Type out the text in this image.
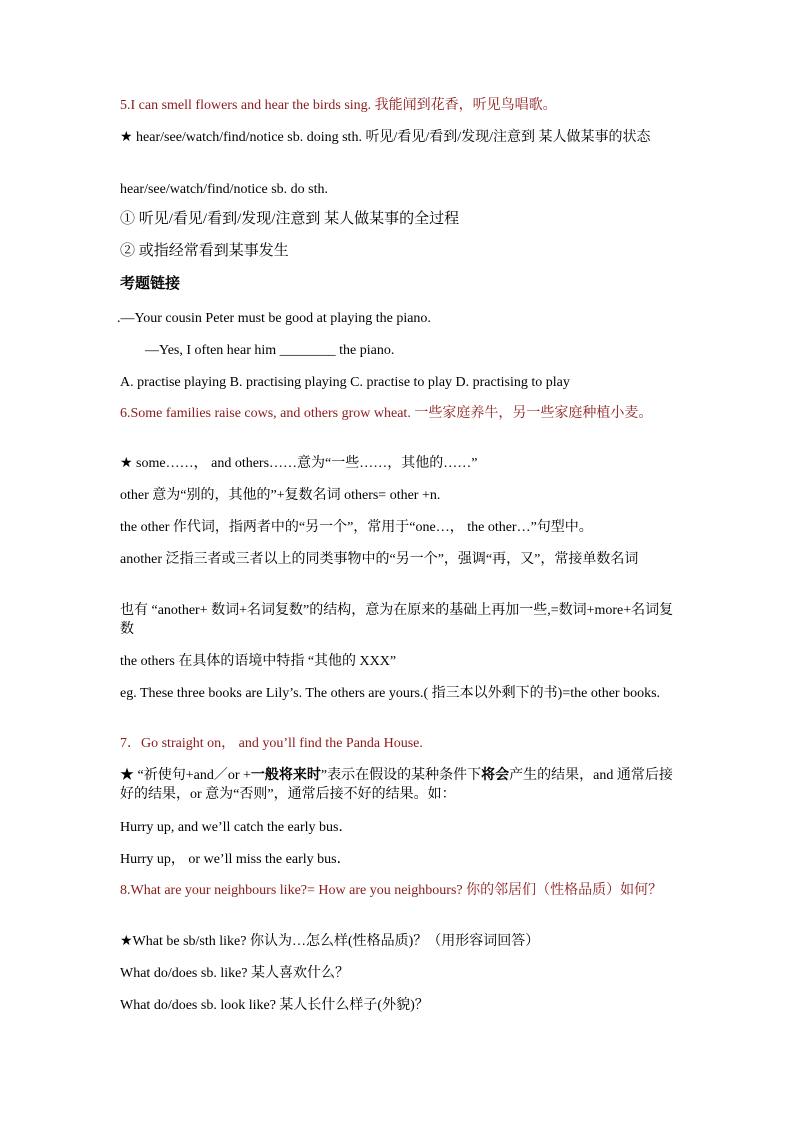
5.I can smell flowers and hear the birds sing. 我能闻到花香，听见鸟唱歌。

★ hear/see/watch/find/notice sb. doing sth. 听见/看见/看到/发现/注意到 某人做某事的状态

hear/see/watch/find/notice sb. do sth.

① 听见/看见/看到/发现/注意到 某人做某事的全过程

② 或指经常看到某事发生

考题链接

.—Your cousin Peter must be good at playing the piano.

—Yes, I often hear him ________ the piano.

A. practise playing B. practising playing C. practise to play D. practising to play

6.Some families raise cows, and others grow wheat. 一些家庭养牛，另一些家庭种植小麦。

★ some……， and others……意为“一些……，其他的……”

other 意为“别的，其他的”+复数名词 others= other +n.

the other 作代词，指两者中的“另一个”，常用于“one…， the other…”句型中。

another 泛指三者或三者以上的同类事物中的“另一个”，强调“再，又”，常接单数名词

也有 “another+ 数词+名词复数”的结构，意为在原来的基础上再加一些,=数词+more+名词复数

the others 在具体的语境中特指 “其他的 XXX”

eg. These three books are Lily’s. The others are yours.( 指三本以外剩下的书)=the other books.

7．Go straight on， and you’ll find the Panda House.

★ “祈使句+and／or +一般将来时”表示在假设的某种条件下将会产生的结果，and 通常后接好的结果，or 意为“否则”，通常后接不好的结果。如：

Hurry up, and we’ll catch the early bus．

Hurry up， or we’ll miss the early bus．

8.What are your neighbours like?= How are you neighbours? 你的邻居们（性格品质）如何？

★What be sb/sth like? 你认为…怎么样(性格品质)？（用形容词回答）

What do/does sb. like? 某人喜欢什么？

What do/does sb. look like? 某人长什么样子(外貌)？
